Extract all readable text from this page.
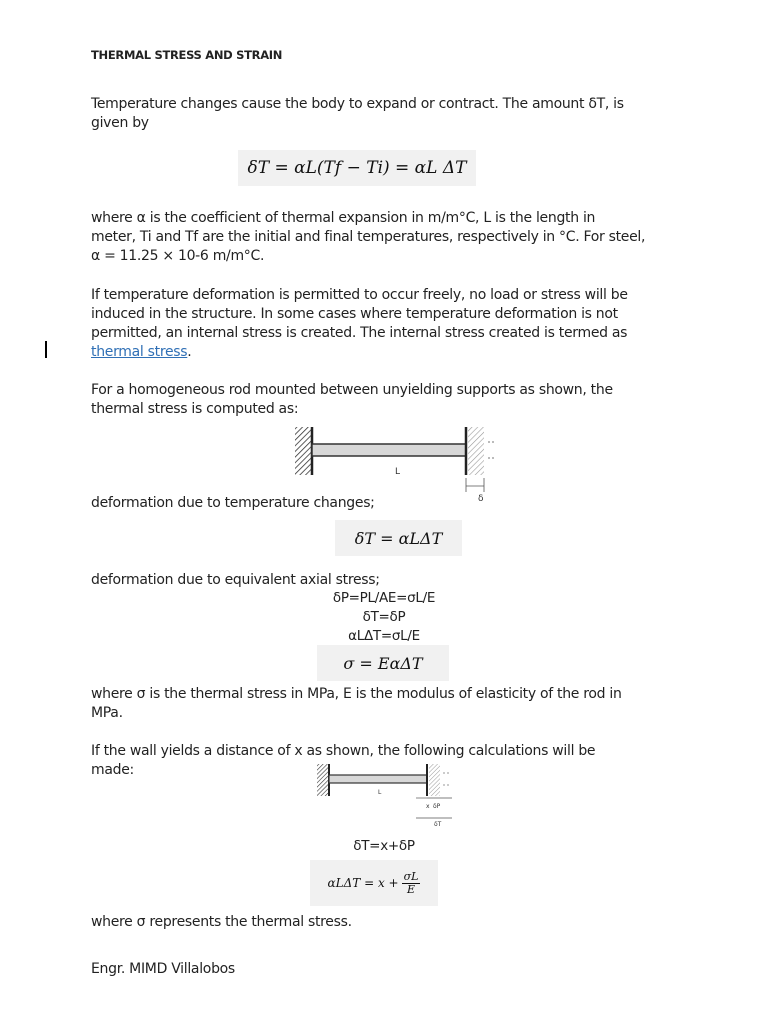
THERMAL STRESS AND STRAIN

Temperature changes cause the body to expand or contract. The amount δT, is

given by

δT = αL(Tf − Ti) = αL ΔT

where α is the coefficient of thermal expansion in m/m°C, L is the length in

meter, Ti and Tf are the initial and final temperatures, respectively in °C. For steel,

α = 11.25 × 10-6 m/m°C.

If temperature deformation is permitted to occur freely, no load or stress will be

induced in the structure. In some cases where temperature deformation is not

permitted, an internal stress is created. The internal stress created is termed as

thermal stress.

For a homogeneous rod mounted between unyielding supports as shown, the

thermal stress is computed as:

L
δ

deformation due to temperature changes;

δT = αLΔT

deformation due to equivalent axial stress;

δP=PL/AE=σL/E
δT=δP
αLΔT=σL/E
σ = EαΔT

where σ is the thermal stress in MPa, E is the modulus of elasticity of the rod in

MPa.

If the wall yields a distance of x as shown, the following calculations will be

made:

L
x δP
δT
δT=x+δP
$\alpha L\Delta T = x + \frac{\sigma L}{E}$

where σ represents the thermal stress.

Engr. MIMD Villalobos
